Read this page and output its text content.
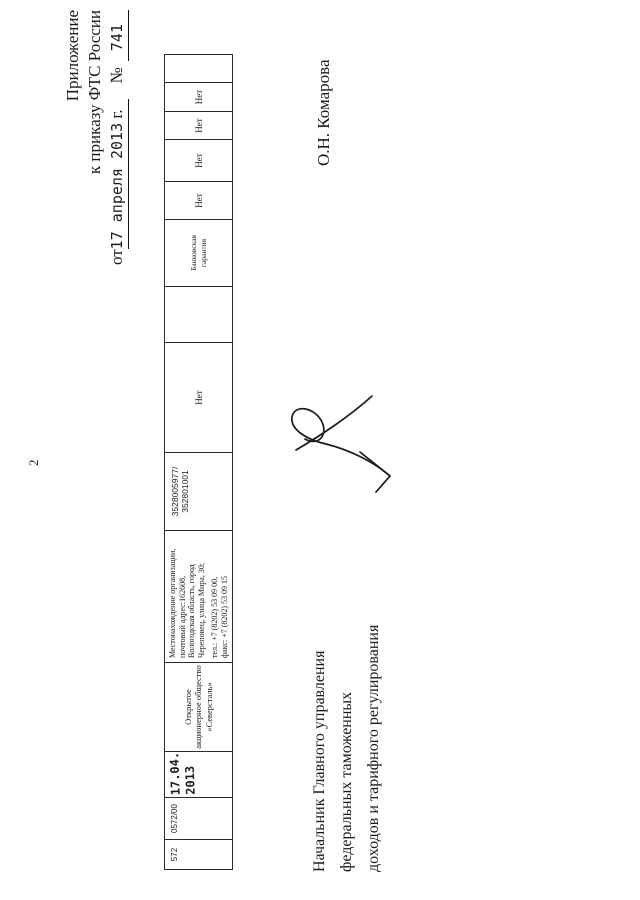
2
Приложение к приказу ФТС России
от17 апреля 2013 г.№741
572
0572/00
17.04. 2013
Открытое акционерное общество «Северсталь»
Местонахождение организации, почтовый адрес:162608, Вологодская область, город Череповец, улица Мира, 30; тел.: +7 (8202) 53 09 00, факс: +7 (8202) 53 09 15
3528005977/ 352801001
Нет
Банковская гарантия
Нет
Нет
Нет
Нет
Начальник Главного управления федеральных таможенных доходов и тарифного регулирования
О.Н. Комарова
